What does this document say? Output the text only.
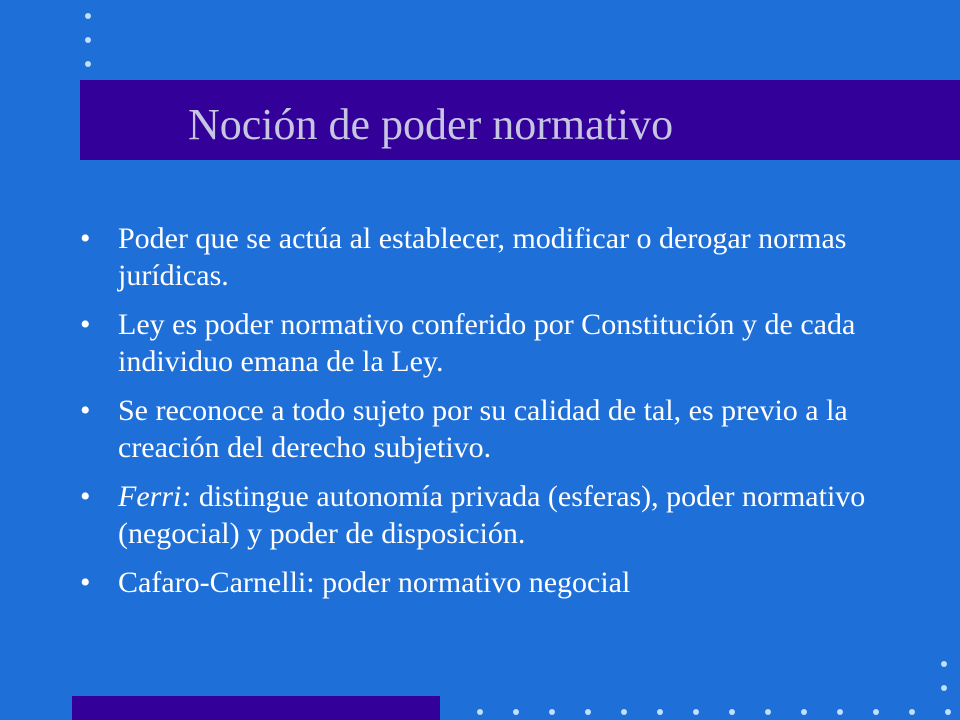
Noción de poder normativo
• Poder que se actúa al establecer, modificar o derogar normas jurídicas.
• Ley es poder normativo conferido por Constitución y de cada individuo emana de la Ley.
• Se reconoce a todo sujeto por su calidad de tal, es previo a la creación del derecho subjetivo.
• Ferri: distingue autonomía privada (esferas), poder normativo (negocial) y poder de disposición.
• Cafaro-Carnelli: poder normativo negocial
